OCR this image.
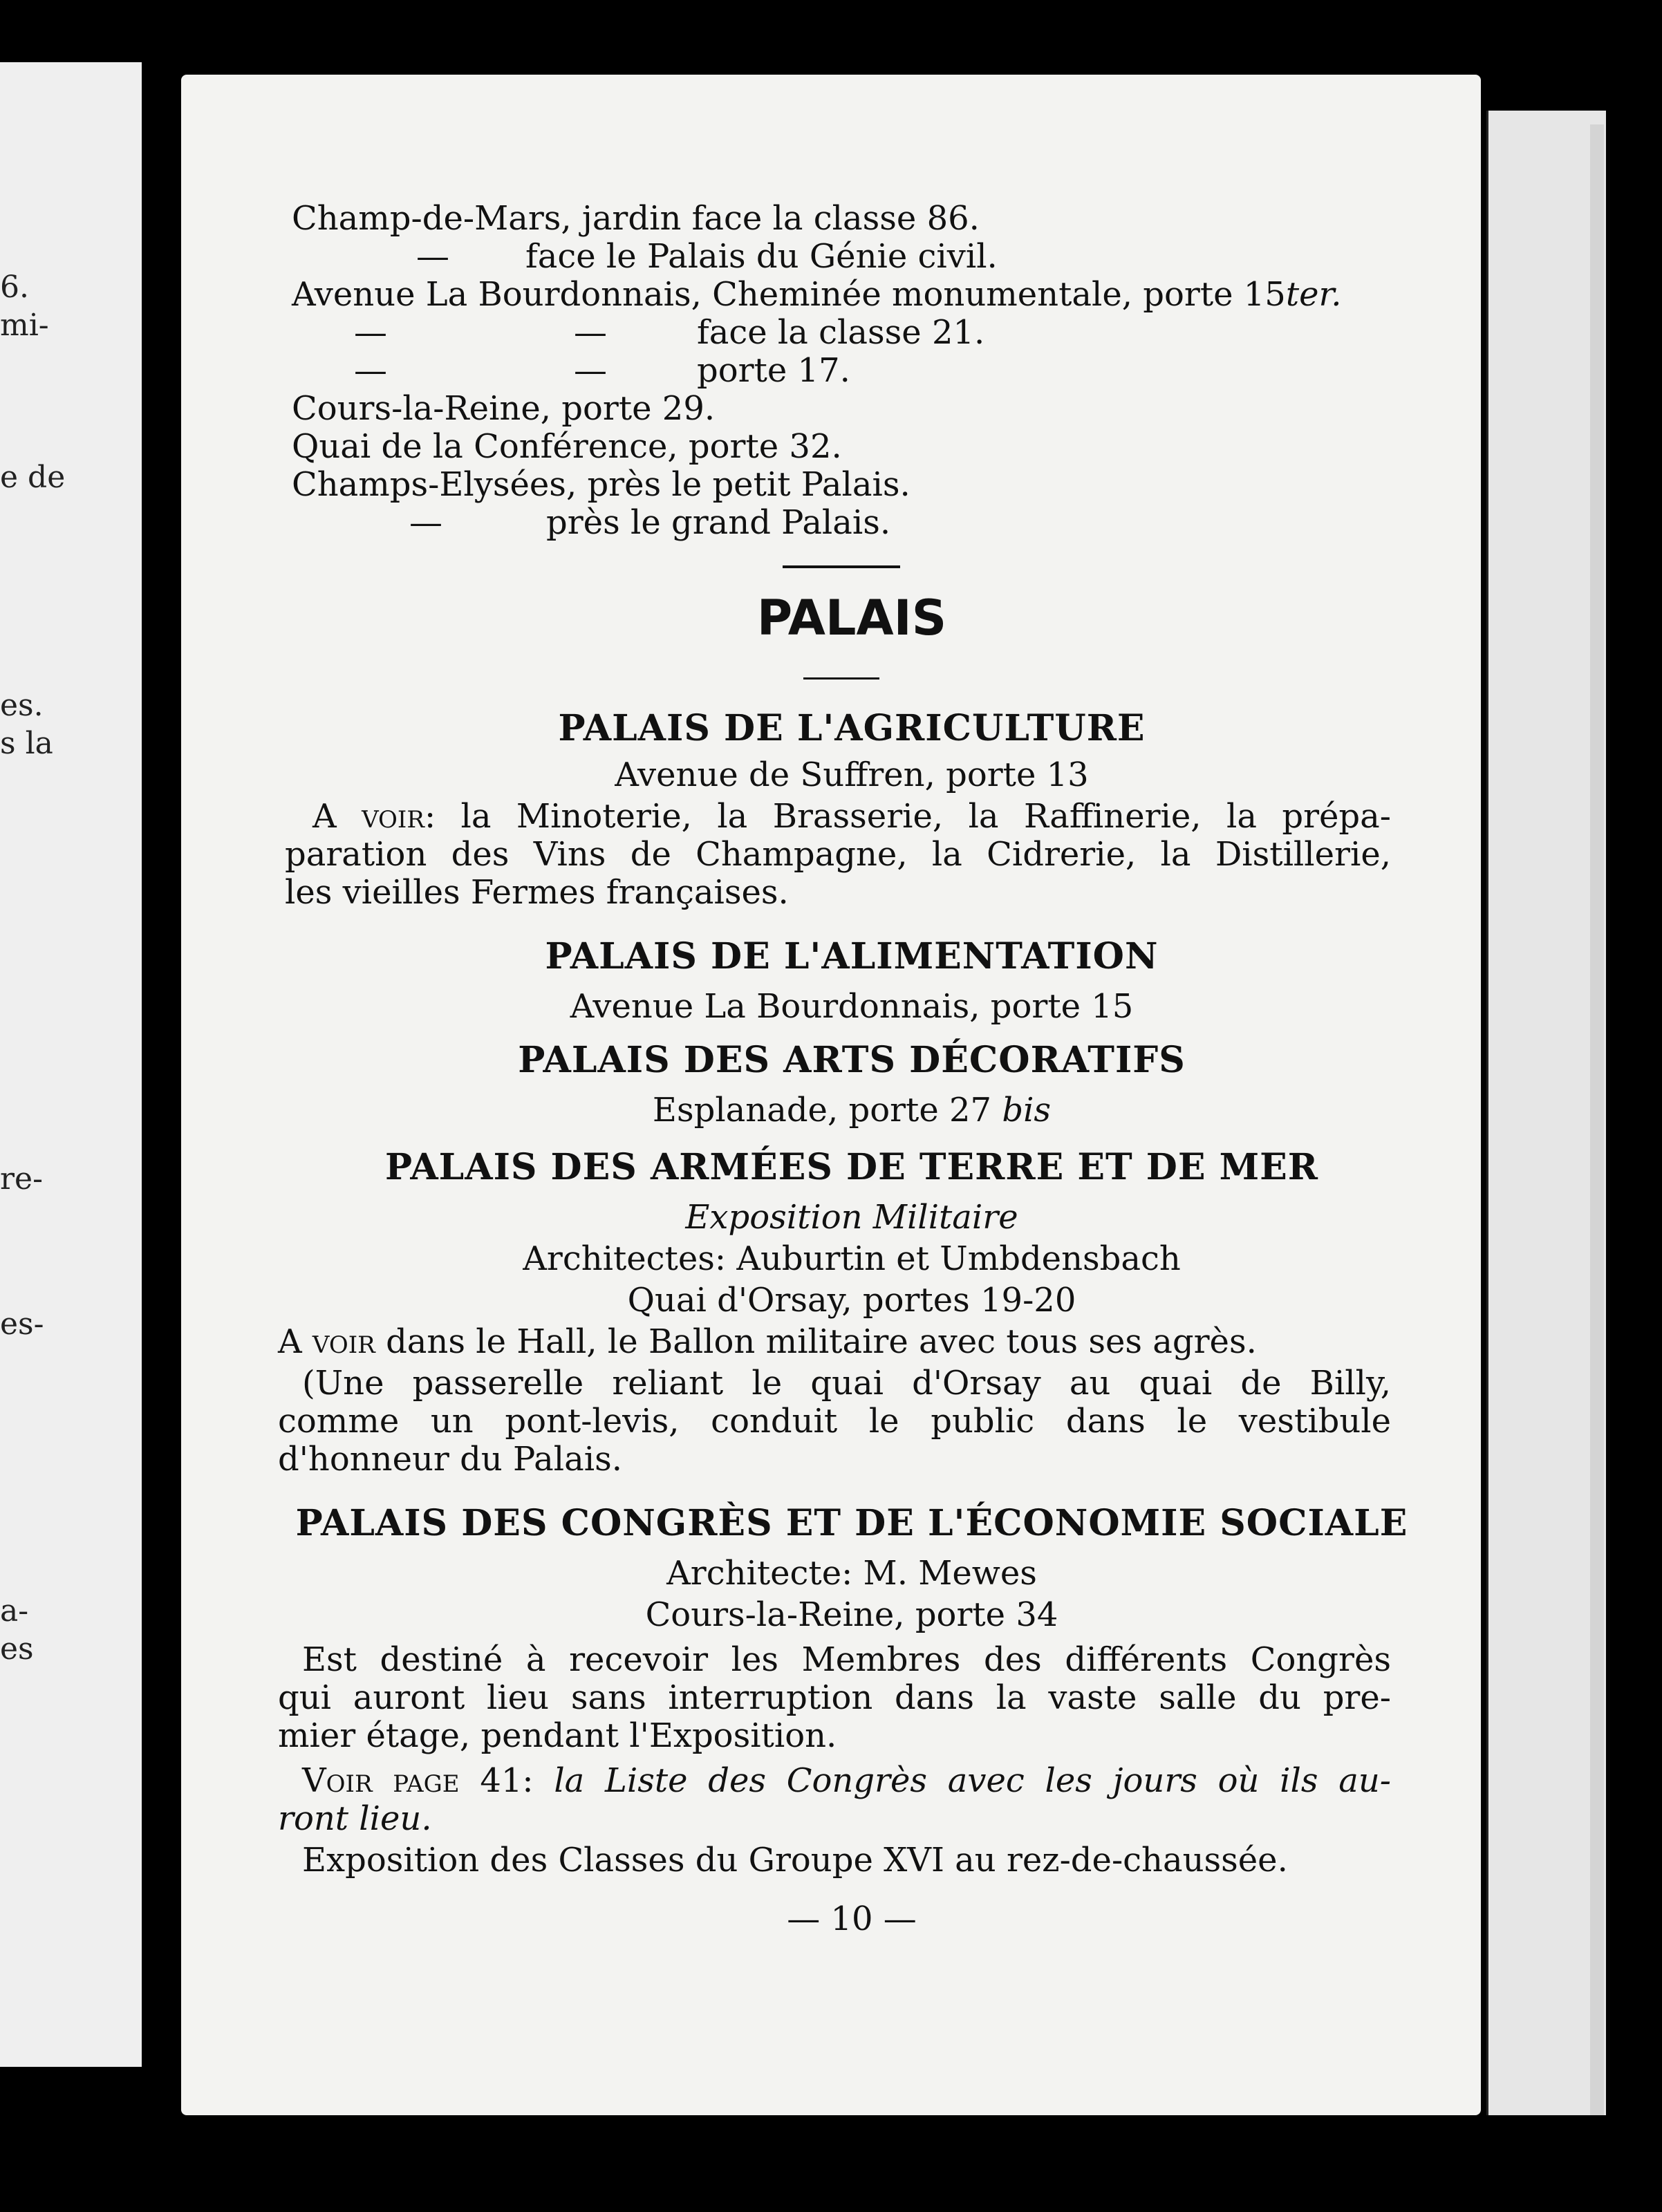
6.
mi-
e de
es.
s la
re-
es-
a-
es
Champ-de-Mars, jardin face la classe 86.
— face le Palais du Génie civil.
Avenue La Bourdonnais, Cheminée monumentale, porte 15ter.
—	—	face la classe 21.
—	—	porte 17.
Cours-la-Reine, porte 29.
Quai de la Conférence, porte 32.
Champs-Elysées, près le petit Palais.
—	près le grand Palais.
PALAIS
PALAIS DE L'AGRICULTURE
Avenue de Suffren, porte 13
A voir: la Minoterie, la Brasserie, la Raffinerie, la prépa-
paration des Vins de Champagne, la Cidrerie, la Distillerie,
les vieilles Fermes françaises.
PALAIS DE L'ALIMENTATION
Avenue La Bourdonnais, porte 15
PALAIS DES ARTS DÉCORATIFS
Esplanade, porte 27 bis
PALAIS DES ARMÉES DE TERRE ET DE MER
Exposition Militaire
Architectes: Auburtin et Umbdensbach
Quai d'Orsay, portes 19-20
A voir dans le Hall, le Ballon militaire avec tous ses agrès.
(Une passerelle reliant le quai d'Orsay au quai de Billy,
comme un pont-levis, conduit le public dans le vestibule
d'honneur du Palais.
PALAIS DES CONGRÈS ET DE L'ÉCONOMIE SOCIALE
Architecte: M. Mewes
Cours-la-Reine, porte 34
Est destiné à recevoir les Membres des différents Congrès
qui auront lieu sans interruption dans la vaste salle du pre-
mier étage, pendant l'Exposition.
Voir page 41: la Liste des Congrès avec les jours où ils au-
ront lieu.
Exposition des Classes du Groupe XVI au rez-de-chaussée.
— 10 —
